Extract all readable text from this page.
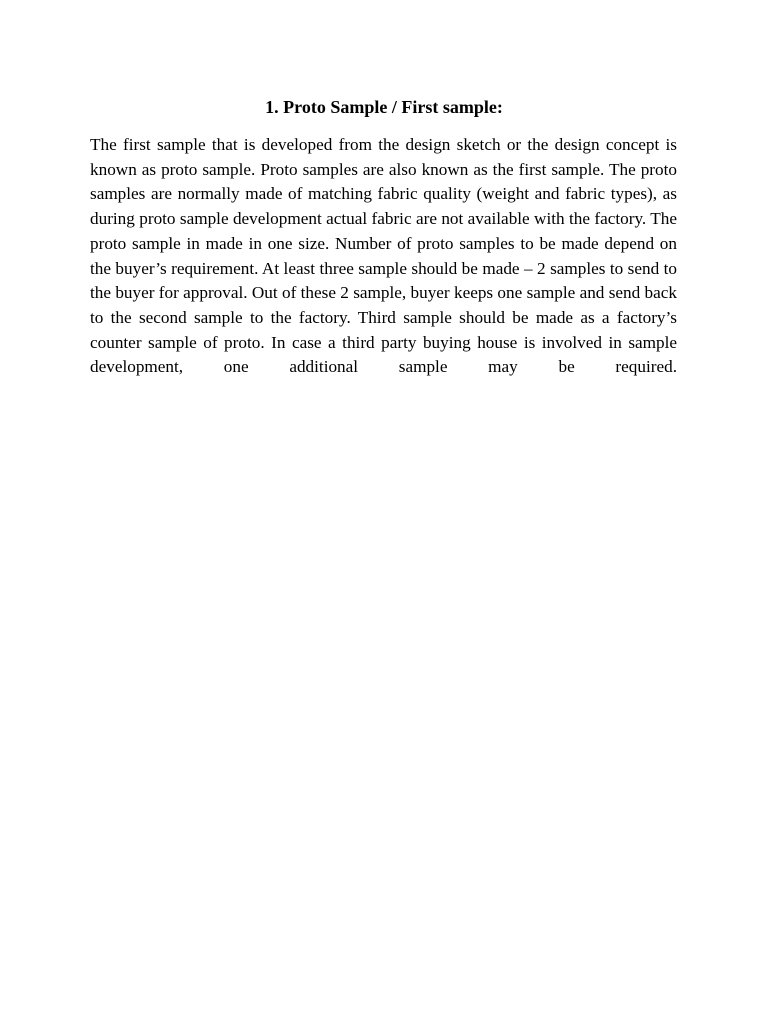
1. Proto Sample / First sample:

The first sample that is developed from the design sketch or the design concept is known as proto sample. Proto samples are also known as the first sample. The proto samples are normally made of matching fabric quality (weight and fabric types), as during proto sample development actual fabric are not available with the factory. The proto sample in made in one size. Number of proto samples to be made depend on the buyer’s requirement. At least three sample should be made – 2 samples to send to the buyer for approval. Out of these 2 sample, buyer keeps one sample and send back to the second sample to the factory. Third sample should be made as a factory’s counter sample of proto. In case a third party buying house is involved in sample development, one additional sample may be required.
